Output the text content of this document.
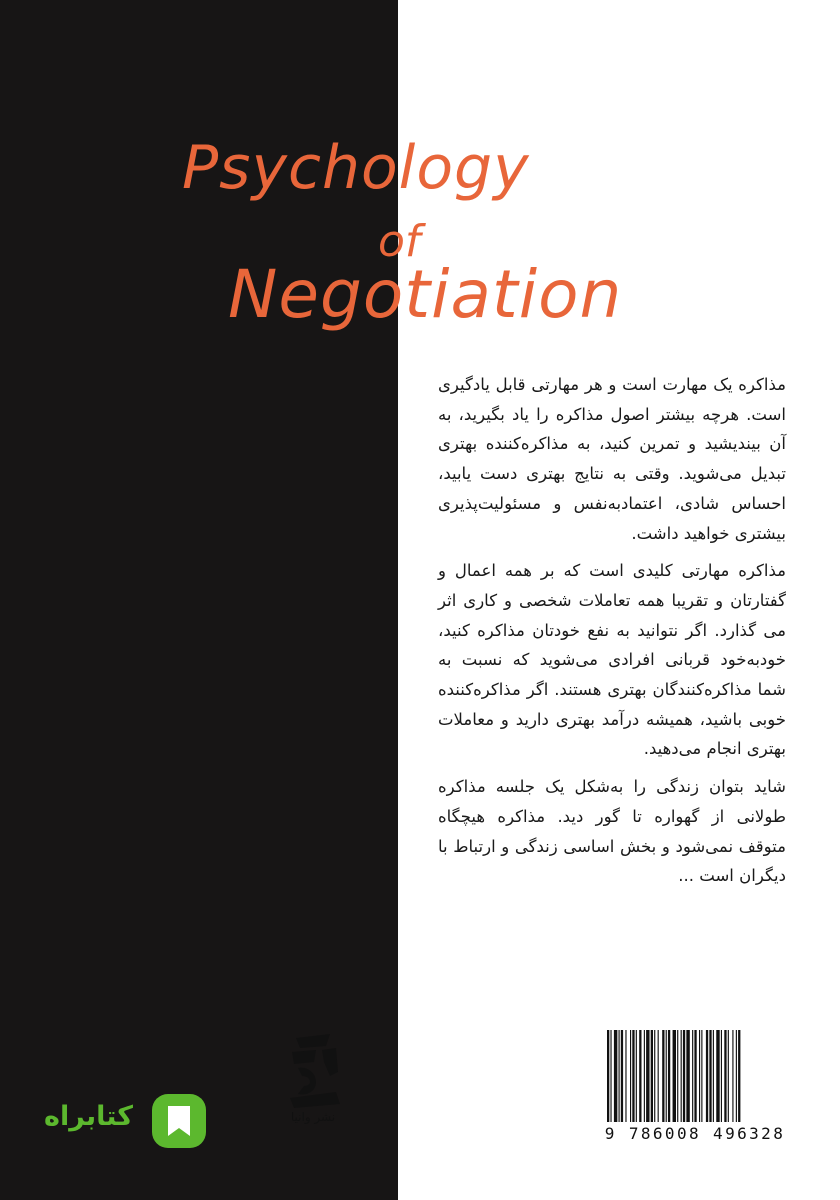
Psychology
of
Negotiation

مذاکره یک مهارت است و هر مهارتی قابل یادگیری است. هرچه بیشتر اصول مذاکره را یاد بگیرید، به آن بیندیشید و تمرین کنید، به مذاکره‌کننده بهتری تبدیل می‌شوید. وقتی به نتایج بهتری دست یابید، احساس شادی، اعتمادبه‌نفس و مسئولیت‌پذیری بیشتری خواهید داشت.

مذاکره مهارتی کلیدی است که بر همه اعمال و گفتارتان و تقریبا همه تعاملات شخصی و کاری اثر می گذارد. اگر نتوانید به نفع خودتان مذاکره کنید، خودبه‌خود قربانی افرادی می‌شوید که نسبت به شما مذاکره‌کنندگان بهتری هستند. اگر مذاکره‌کننده خوبی باشید، همیشه درآمد بهتری دارید و معاملات بهتری انجام می‌دهید.

شاید بتوان زندگی را به‌شکل یک جلسه مذاکره طولانی از گهواره تا گور دید. مذاکره هیچگاه متوقف نمی‌شود و بخش اساسی زندگی و ارتباط با دیگران است ...

نشر وانیا
کتابراه
9 786008 496328
